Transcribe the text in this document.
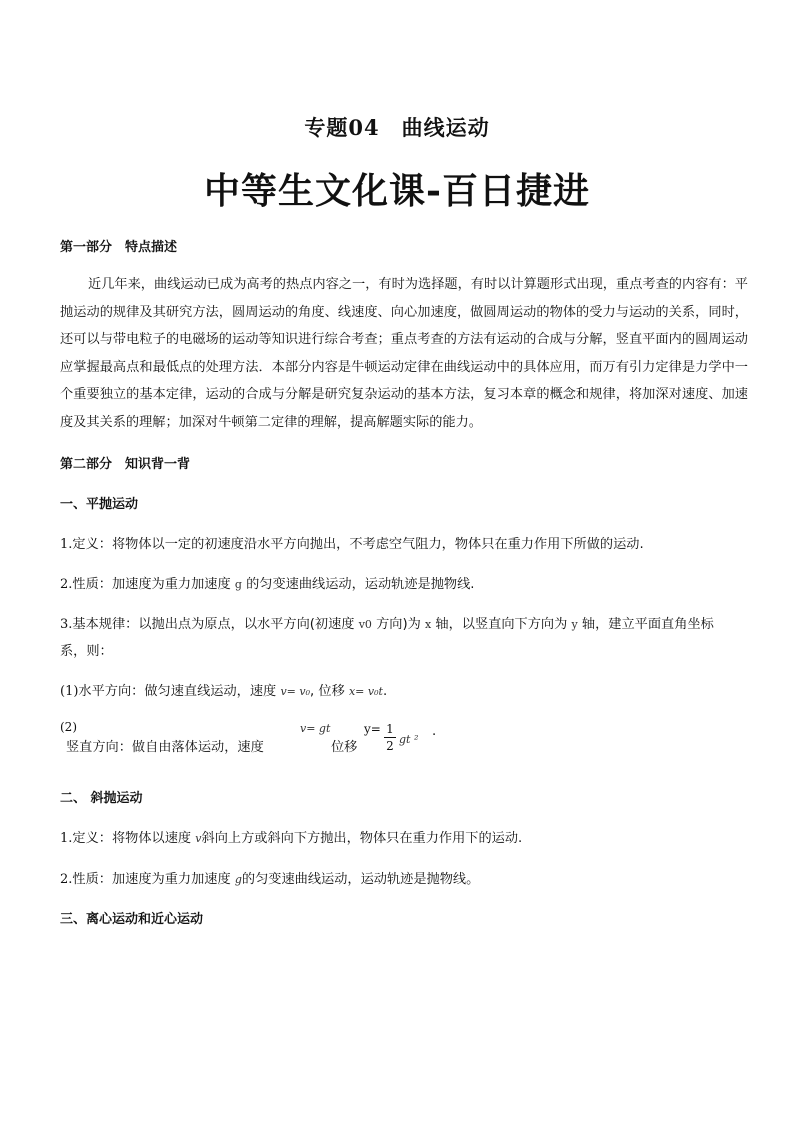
专题04　曲线运动
中等生文化课-百日捷进
第一部分　特点描述
近几年来，曲线运动已成为高考的热点内容之一，有时为选择题，有时以计算题形式出现，重点考查的内容有：平抛运动的规律及其研究方法，圆周运动的角度、线速度、向心加速度，做圆周运动的物体的受力与运动的关系，同时，还可以与带电粒子的电磁场的运动等知识进行综合考查；重点考查的方法有运动的合成与分解，竖直平面内的圆周运动应掌握最高点和最低点的处理方法．本部分内容是牛顿运动定律在曲线运动中的具体应用，而万有引力定律是力学中一个重要独立的基本定律，运动的合成与分解是研究复杂运动的基本方法，复习本章的概念和规律，将加深对速度、加速度及其关系的理解；加深对牛顿第二定律的理解，提高解题实际的能力。
第二部分　知识背一背
一、平抛运动
1.定义：将物体以一定的初速度沿水平方向抛出，不考虑空气阻力，物体只在重力作用下所做的运动.
2.性质：加速度为重力加速度 g 的匀变速曲线运动，运动轨迹是抛物线.
3.基本规律：以抛出点为原点，以水平方向(初速度 v0 方向)为 x 轴，以竖直向下方向为 y 轴，建立平面直角坐标
系，则：
(1)水平方向：做匀速直线运动，速度 v= v₀, 位移 x= v₀t.
(2)
竖直方向：做自由落体运动，速度
v= gt
位移
y= 1
2 gt ²
.
二、 斜抛运动
1.定义：将物体以速度 v斜向上方或斜向下方抛出，物体只在重力作用下的运动.
2.性质：加速度为重力加速度 g的匀变速曲线运动，运动轨迹是抛物线。
三、离心运动和近心运动
